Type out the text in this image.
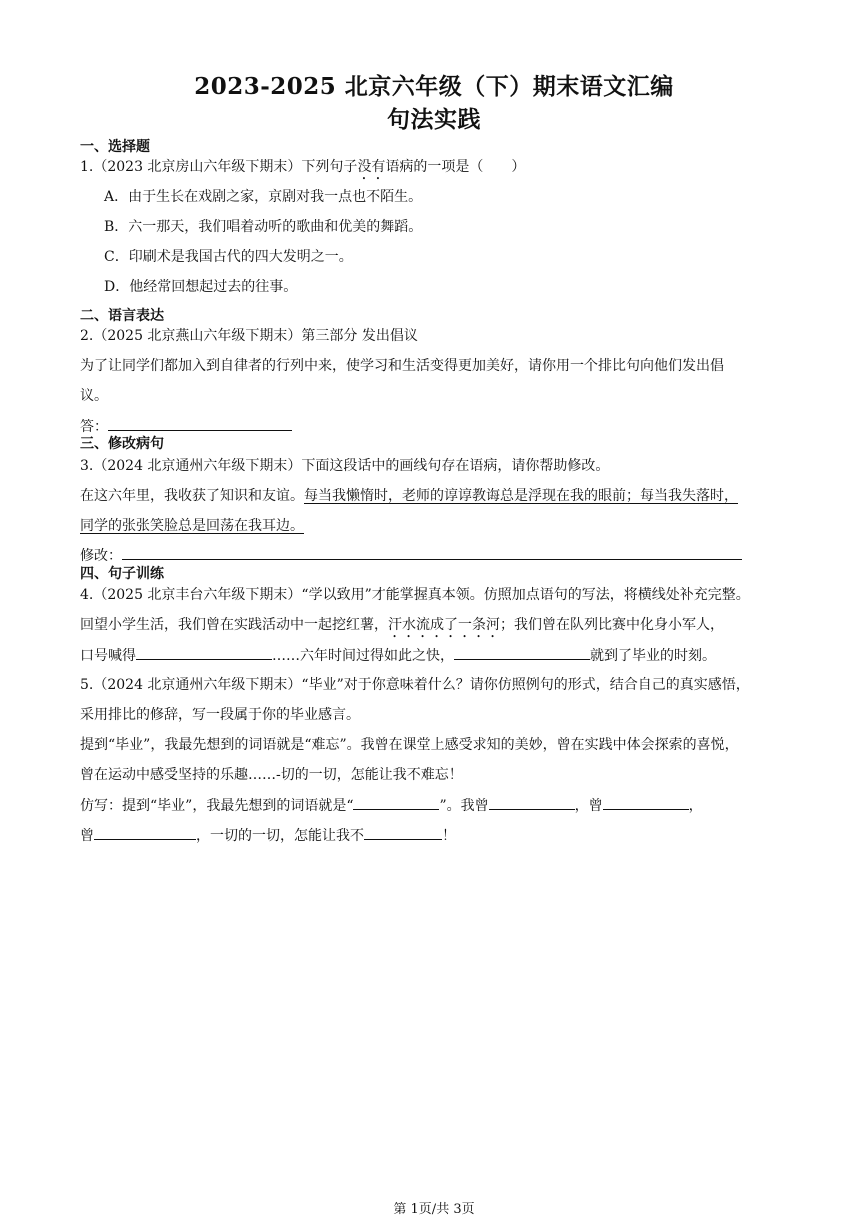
2023-2025 北京六年级（下）期末语文汇编
句法实践
一、选择题
1.（2023 北京房山六年级下期末）下列句子没有语病的一项是（　　）
A．由于生长在戏剧之家，京剧对我一点也不陌生。
B．六一那天，我们唱着动听的歌曲和优美的舞蹈。
C．印刷术是我国古代的四大发明之一。
D．他经常回想起过去的往事。
二、语言表达
2.（2025 北京燕山六年级下期末）第三部分 发出倡议
为了让同学们都加入到自律者的行列中来，使学习和生活变得更加美好，请你用一个排比句向他们发出倡
议。
答：
三、修改病句
3.（2024 北京通州六年级下期末）下面这段话中的画线句存在语病，请你帮助修改。
在这六年里，我收获了知识和友谊。每当我懒惰时，老师的谆谆教诲总是浮现在我的眼前；每当我失落时，
同学的张张笑脸总是回荡在我耳边。
修改：
四、句子训练
4.（2025 北京丰台六年级下期末）“学以致用”才能掌握真本领。仿照加点语句的写法，将横线处补充完整。
回望小学生活，我们曾在实践活动中一起挖红薯，汗水流成了一条河；我们曾在队列比赛中化身小军人，
口号喊得	……六年时间过得如此之快，	就到了毕业的时刻。
5.（2024 北京通州六年级下期末）“毕业”对于你意味着什么？请你仿照例句的形式，结合自己的真实感悟，
采用排比的修辞，写一段属于你的毕业感言。
提到“毕业”，我最先想到的词语就是“难忘”。我曾在课堂上感受求知的美妙，曾在实践中体会探索的喜悦，
曾在运动中感受坚持的乐趣……-切的一切，怎能让我不难忘！
仿写：提到“毕业”，我最先想到的词语就是“	”。我曾	，曾	，
曾	，一切的一切，怎能让我不	！
第 1页/共 3页
